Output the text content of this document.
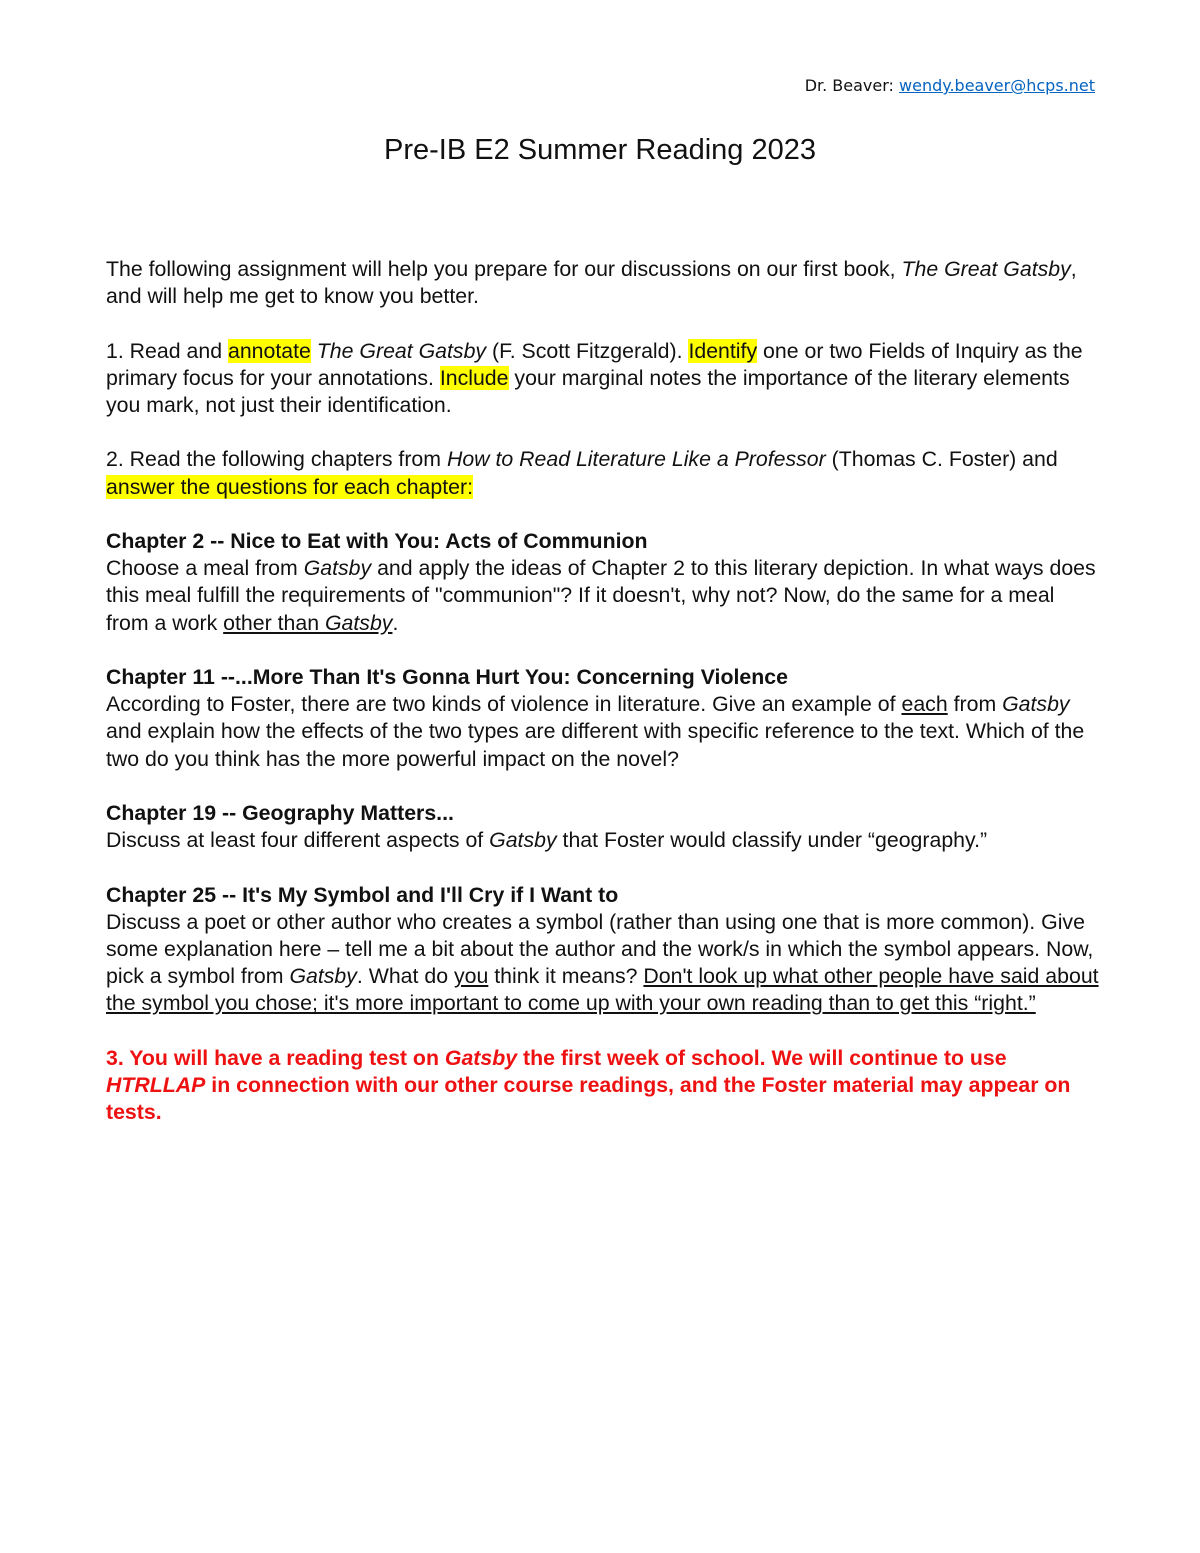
Dr. Beaver: wendy.beaver@hcps.net
Pre-IB E2 Summer Reading 2023

The following assignment will help you prepare for our discussions on our first book, The Great Gatsby, and will help me get to know you better.

1. Read and annotate The Great Gatsby (F. Scott Fitzgerald). Identify one or two Fields of Inquiry as the primary focus for your annotations. Include your marginal notes the importance of the literary elements you mark, not just their identification.

2. Read the following chapters from How to Read Literature Like a Professor (Thomas C. Foster) and answer the questions for each chapter:

Chapter 2 -- Nice to Eat with You: Acts of Communion
Choose a meal from Gatsby and apply the ideas of Chapter 2 to this literary depiction. In what ways does this meal fulfill the requirements of "communion"? If it doesn't, why not? Now, do the same for a meal from a work other than Gatsby.
Chapter 11 --...More Than It's Gonna Hurt You: Concerning Violence
According to Foster, there are two kinds of violence in literature. Give an example of each from Gatsby and explain how the effects of the two types are different with specific reference to the text. Which of the two do you think has the more powerful impact on the novel?
Chapter 19 -- Geography Matters...
Discuss at least four different aspects of Gatsby that Foster would classify under “geography.”
Chapter 25 -- It's My Symbol and I'll Cry if I Want to
Discuss a poet or other author who creates a symbol (rather than using one that is more common). Give some explanation here – tell me a bit about the author and the work/s in which the symbol appears. Now, pick a symbol from Gatsby. What do you think it means? Don't look up what other people have said about the symbol you chose; it's more important to come up with your own reading than to get this “right.”

3. You will have a reading test on Gatsby the first week of school. We will continue to use HTRLLAP in connection with our other course readings, and the Foster material may appear on tests.
